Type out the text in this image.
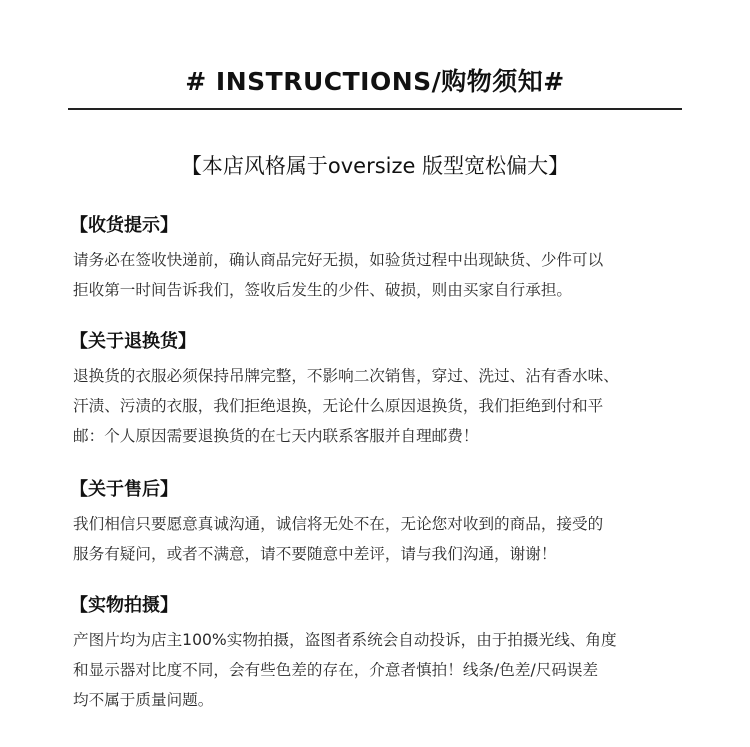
# INSTRUCTIONS/购物须知#
【本店风格属于oversize 版型宽松偏大】
【收货提示】
请务必在签收快递前，确认商品完好无损，如验货过程中出现缺货、少件可以
拒收第一时间告诉我们，签收后发生的少件、破损，则由买家自行承担。
【关于退换货】
退换货的衣服必须保持吊牌完整，不影响二次销售，穿过、洗过、沾有香水味、
汗渍、污渍的衣服，我们拒绝退换，无论什么原因退换货，我们拒绝到付和平
邮：个人原因需要退换货的在七天内联系客服并自理邮费！
【关于售后】
我们相信只要愿意真诚沟通，诚信将无处不在，无论您对收到的商品，接受的
服务有疑问，或者不满意，请不要随意中差评，请与我们沟通，谢谢！
【实物拍摄】
产图片均为店主100%实物拍摄，盗图者系统会自动投诉，由于拍摄光线、角度
和显示器对比度不同，会有些色差的存在，介意者慎拍！线条/色差/尺码误差
均不属于质量问题。
